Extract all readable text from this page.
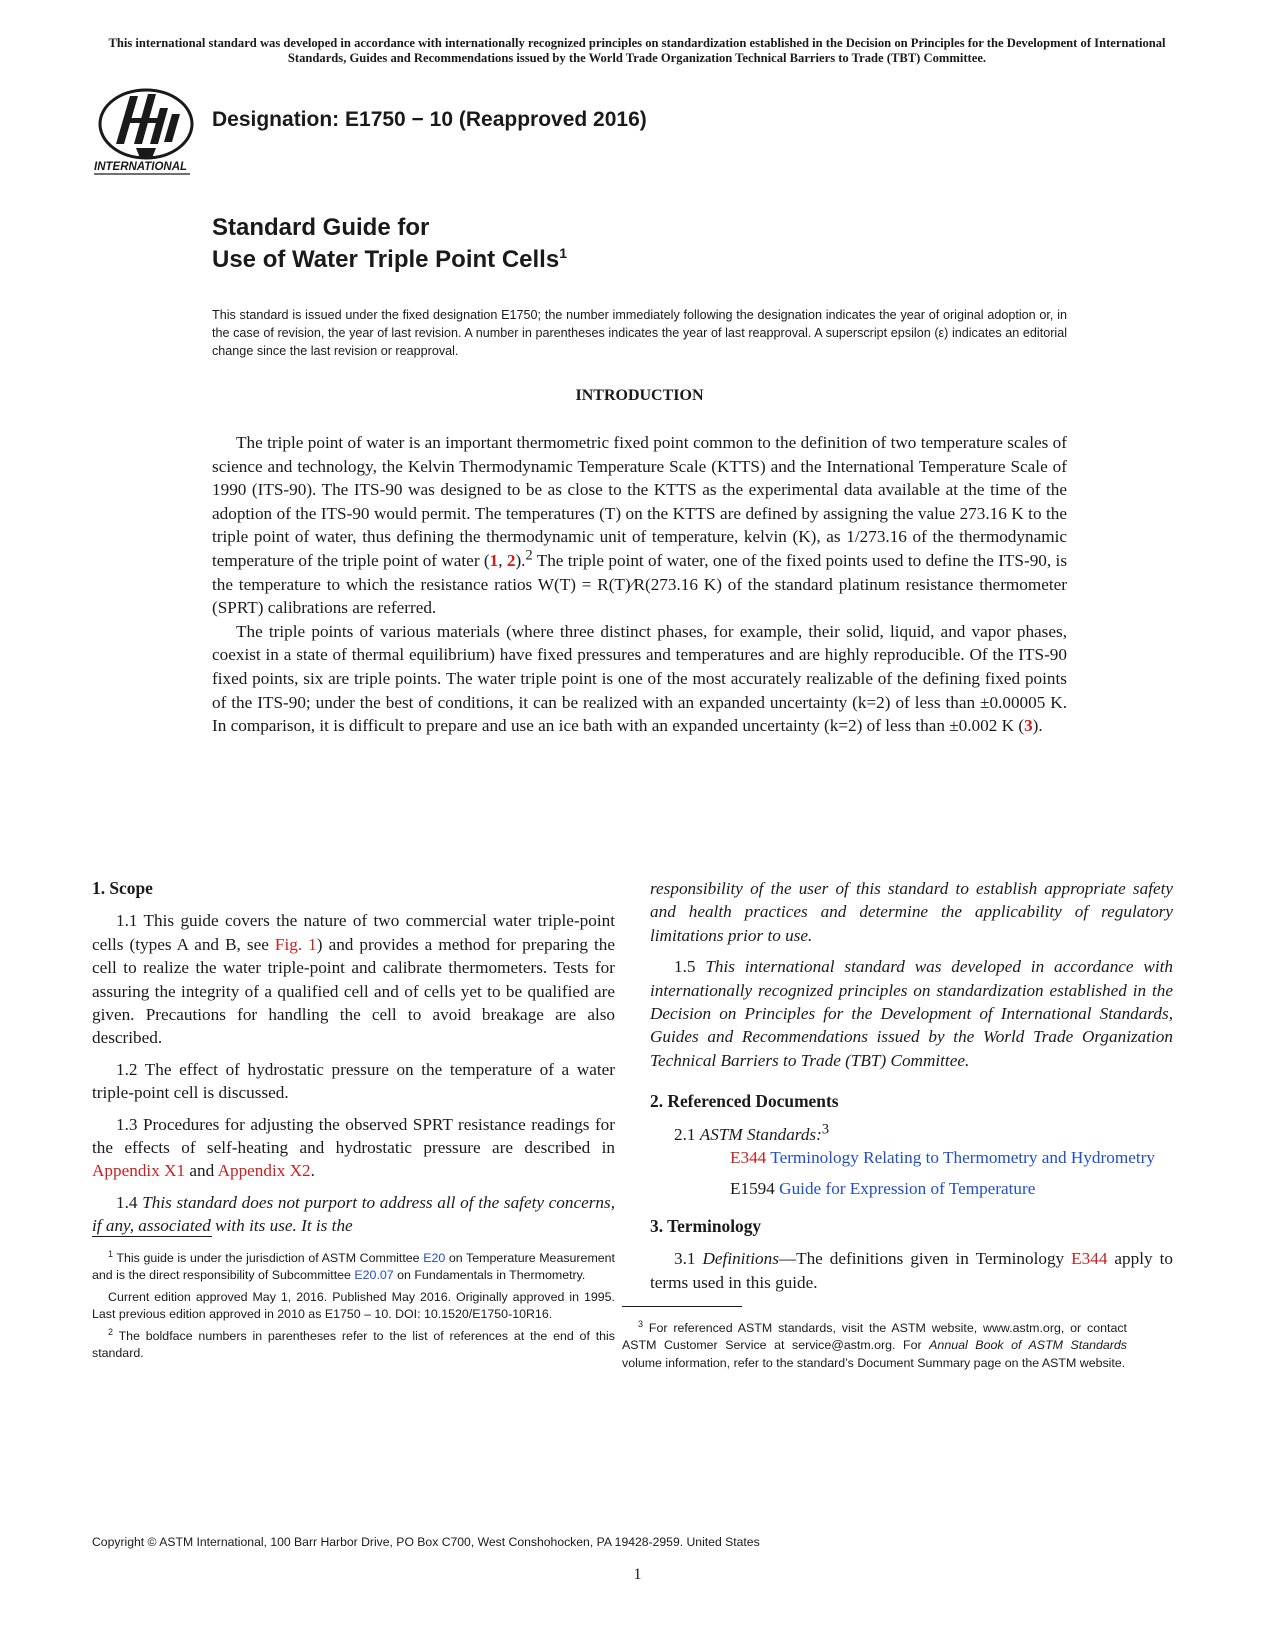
This international standard was developed in accordance with internationally recognized principles on standardization established in the Decision on Principles for the Development of International Standards, Guides and Recommendations issued by the World Trade Organization Technical Barriers to Trade (TBT) Committee.
INTERNATIONAL
Designation: E1750 − 10 (Reapproved 2016)
Standard Guide for
Use of Water Triple Point Cells$^1$
This standard is issued under the fixed designation E1750; the number immediately following the designation indicates the year of original adoption or, in the case of revision, the year of last revision. A number in parentheses indicates the year of last reapproval. A superscript epsilon (ε) indicates an editorial change since the last revision or reapproval.
INTRODUCTION

The triple point of water is an important thermometric fixed point common to the definition of two temperature scales of science and technology, the Kelvin Thermodynamic Temperature Scale (KTTS) and the International Temperature Scale of 1990 (ITS-90). The ITS-90 was designed to be as close to the KTTS as the experimental data available at the time of the adoption of the ITS-90 would permit. The temperatures (T) on the KTTS are defined by assigning the value 273.16 K to the triple point of water, thus defining the thermodynamic unit of temperature, kelvin (K), as 1/273.16 of the thermodynamic temperature of the triple point of water (1, 2).$^2$ The triple point of water, one of the fixed points used to define the ITS-90, is the temperature to which the resistance ratios W(T) = R(T)⁄R(273.16 K) of the standard platinum resistance thermometer (SPRT) calibrations are referred.

The triple points of various materials (where three distinct phases, for example, their solid, liquid, and vapor phases, coexist in a state of thermal equilibrium) have fixed pressures and temperatures and are highly reproducible. Of the ITS-90 fixed points, six are triple points. The water triple point is one of the most accurately realizable of the defining fixed points of the ITS-90; under the best of conditions, it can be realized with an expanded uncertainty (k=2) of less than ±0.00005 K. In comparison, it is difficult to prepare and use an ice bath with an expanded uncertainty (k=2) of less than ±0.002 K (3).

1. Scope

1.1 This guide covers the nature of two commercial water triple-point cells (types A and B, see Fig. 1) and provides a method for preparing the cell to realize the water triple-point and calibrate thermometers. Tests for assuring the integrity of a qualified cell and of cells yet to be qualified are given. Precautions for handling the cell to avoid breakage are also described.

1.2 The effect of hydrostatic pressure on the temperature of a water triple-point cell is discussed.

1.3 Procedures for adjusting the observed SPRT resistance readings for the effects of self-heating and hydrostatic pressure are described in Appendix X1 and Appendix X2.

1.4 This standard does not purport to address all of the safety concerns, if any, associated with its use. It is the

$^1$ This guide is under the jurisdiction of ASTM Committee E20 on Temperature Measurement and is the direct responsibility of Subcommittee E20.07 on Fundamentals in Thermometry.

Current edition approved May 1, 2016. Published May 2016. Originally approved in 1995. Last previous edition approved in 2010 as E1750 – 10. DOI: 10.1520/E1750-10R16.

$^2$ The boldface numbers in parentheses refer to the list of references at the end of this standard.

responsibility of the user of this standard to establish appropriate safety and health practices and determine the applicability of regulatory limitations prior to use.

1.5 This international standard was developed in accordance with internationally recognized principles on standardization established in the Decision on Principles for the Development of International Standards, Guides and Recommendations issued by the World Trade Organization Technical Barriers to Trade (TBT) Committee.

2. Referenced Documents

2.1 ASTM Standards:$^3$

E344 Terminology Relating to Thermometry and Hydrometry

E1594 Guide for Expression of Temperature

3. Terminology

3.1 Definitions—The definitions given in Terminology E344 apply to terms used in this guide.

$^3$ For referenced ASTM standards, visit the ASTM website, www.astm.org, or contact ASTM Customer Service at service@astm.org. For Annual Book of ASTM Standards volume information, refer to the standard’s Document Summary page on the ASTM website.

Copyright © ASTM International, 100 Barr Harbor Drive, PO Box C700, West Conshohocken, PA 19428-2959. United States
1
